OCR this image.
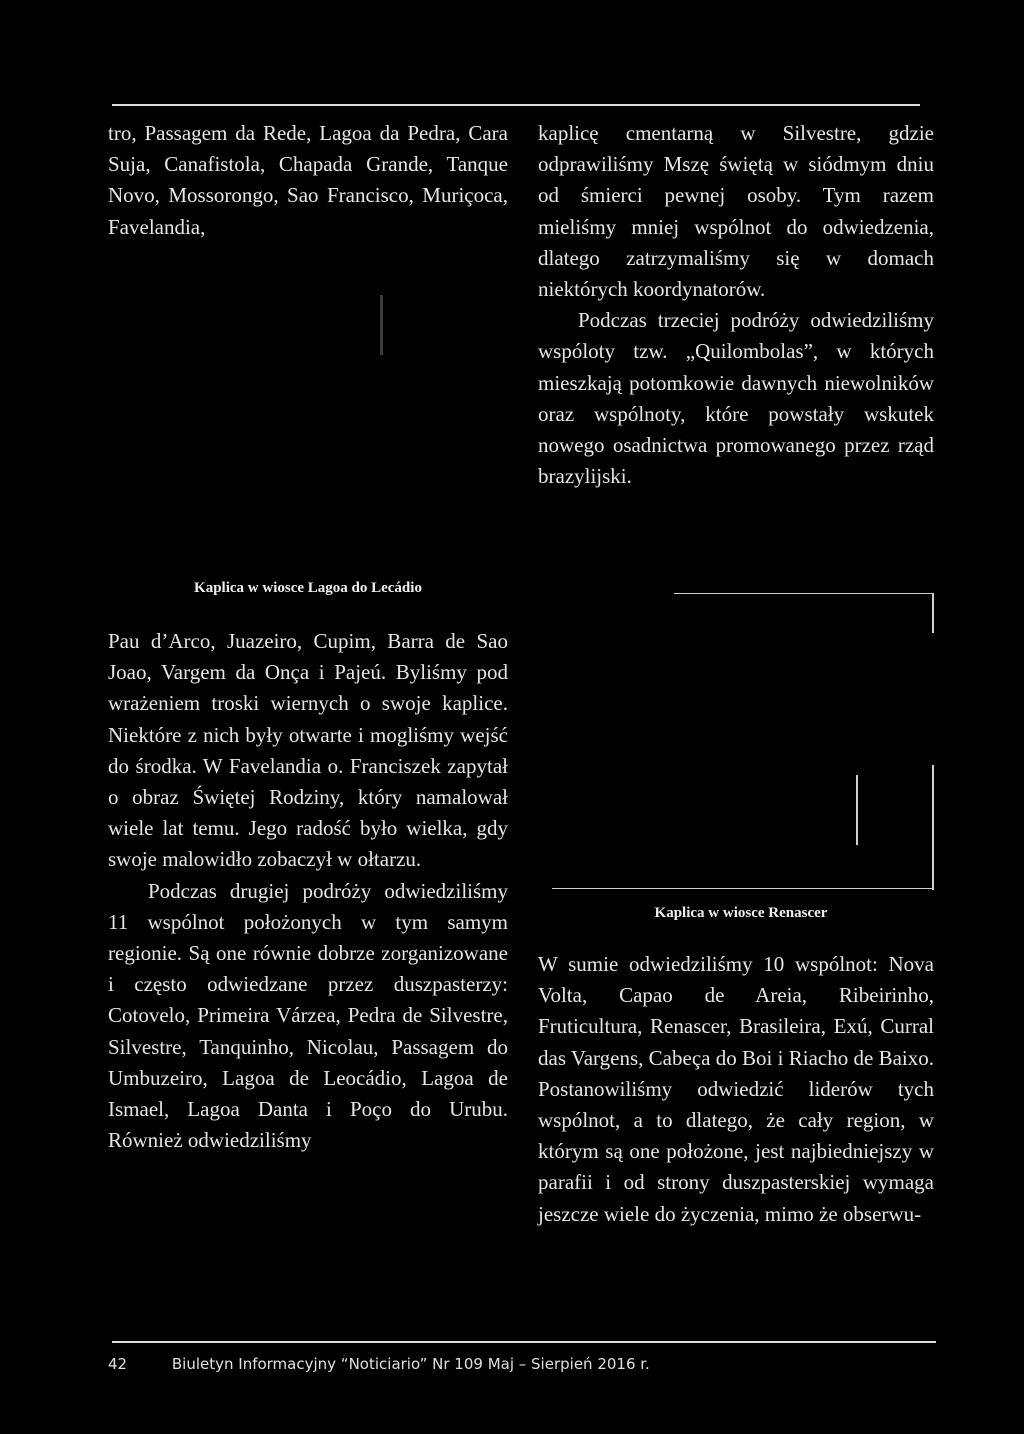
tro, Passagem da Rede, Lagoa da Pedra, Cara Suja, Canafistola, Chapada Grande, Tanque Novo, Mossorongo, Sao Francisco, Muriçoca, Favelandia,

Kaplica w wiosce Lagoa do Lecádio

Pau d’Arco, Juazeiro, Cupim, Barra de Sao Joao, Vargem da Onça i Pajeú. Byliśmy pod wrażeniem troski wiernych o swoje kaplice. Niektóre z nich były otwarte i mogliśmy wejść do środka. W Favelandia o. Franciszek zapytał o obraz Świętej Rodziny, który namalował wiele lat temu. Jego radość było wielka, gdy swoje malowidło zobaczył w ołtarzu.

Podczas drugiej podróży odwiedziliśmy 11 wspólnot położonych w tym samym regionie. Są one równie dobrze zorganizowane i często odwiedzane przez duszpasterzy: Cotovelo, Primeira Várzea, Pedra de Silvestre, Silvestre, Tanquinho, Nicolau, Passagem do Umbuzeiro, Lagoa de Leocádio, Lagoa de Ismael, Lagoa Danta i Poço do Urubu. Również odwiedziliśmy

kaplicę cmentarną w Silvestre, gdzie odprawiliśmy Mszę świętą w siódmym dniu od śmierci pewnej osoby. Tym razem mieliśmy mniej wspólnot do odwiedzenia, dlatego zatrzymaliśmy się w domach niektórych koordynatorów.

Podczas trzeciej podróży odwiedziliśmy wspóloty tzw. „Quilombolas”, w których mieszkają potomkowie dawnych niewolników oraz wspólnoty, które powstały wskutek nowego osadnictwa promowanego przez rząd brazylijski.

Kaplica w wiosce Renascer

W sumie odwiedziliśmy 10 wspólnot: Nova Volta, Capao de Areia, Ribeirinho, Fruticultura, Renascer, Brasileira, Exú, Curral das Vargens, Cabeça do Boi i Riacho de Baixo. Postanowiliśmy odwiedzić liderów tych wspólnot, a to dlatego, że cały region, w którym są one położone, jest najbiedniejszy w parafii i od strony duszpasterskiej wymaga jeszcze wiele do życzenia, mimo że obserwu-

42	Biuletyn Informacyjny “Noticiario” Nr 109 Maj – Sierpień 2016 r.
